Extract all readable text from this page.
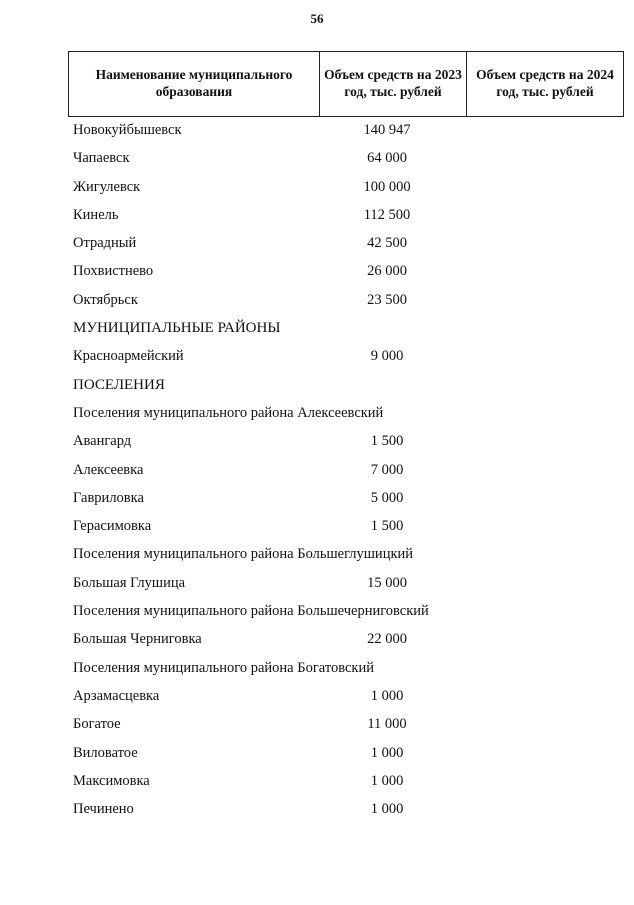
56
Наименование муниципального образования	Объем средств на 2023 год, тыс. рублей	Объем средств на 2024 год, тыс. рублей
Новокуйбышевск	140 947
Чапаевск	64 000
Жигулевск	100 000
Кинель	112 500
Отрадный	42 500
Похвистнево	26 000
Октябрьск	23 500
МУНИЦИПАЛЬНЫЕ РАЙОНЫ
Красноармейский	9 000
ПОСЕЛЕНИЯ
Поселения муниципального района Алексеевский
Авангард	1 500
Алексеевка	7 000
Гавриловка	5 000
Герасимовка	1 500
Поселения муниципального района Большеглушицкий
Большая Глушица	15 000
Поселения муниципального района Большечерниговский
Большая Черниговка	22 000
Поселения муниципального района Богатовский
Арзамасцевка	1 000
Богатое	11 000
Виловатое	1 000
Максимовка	1 000
Печинено	1 000
